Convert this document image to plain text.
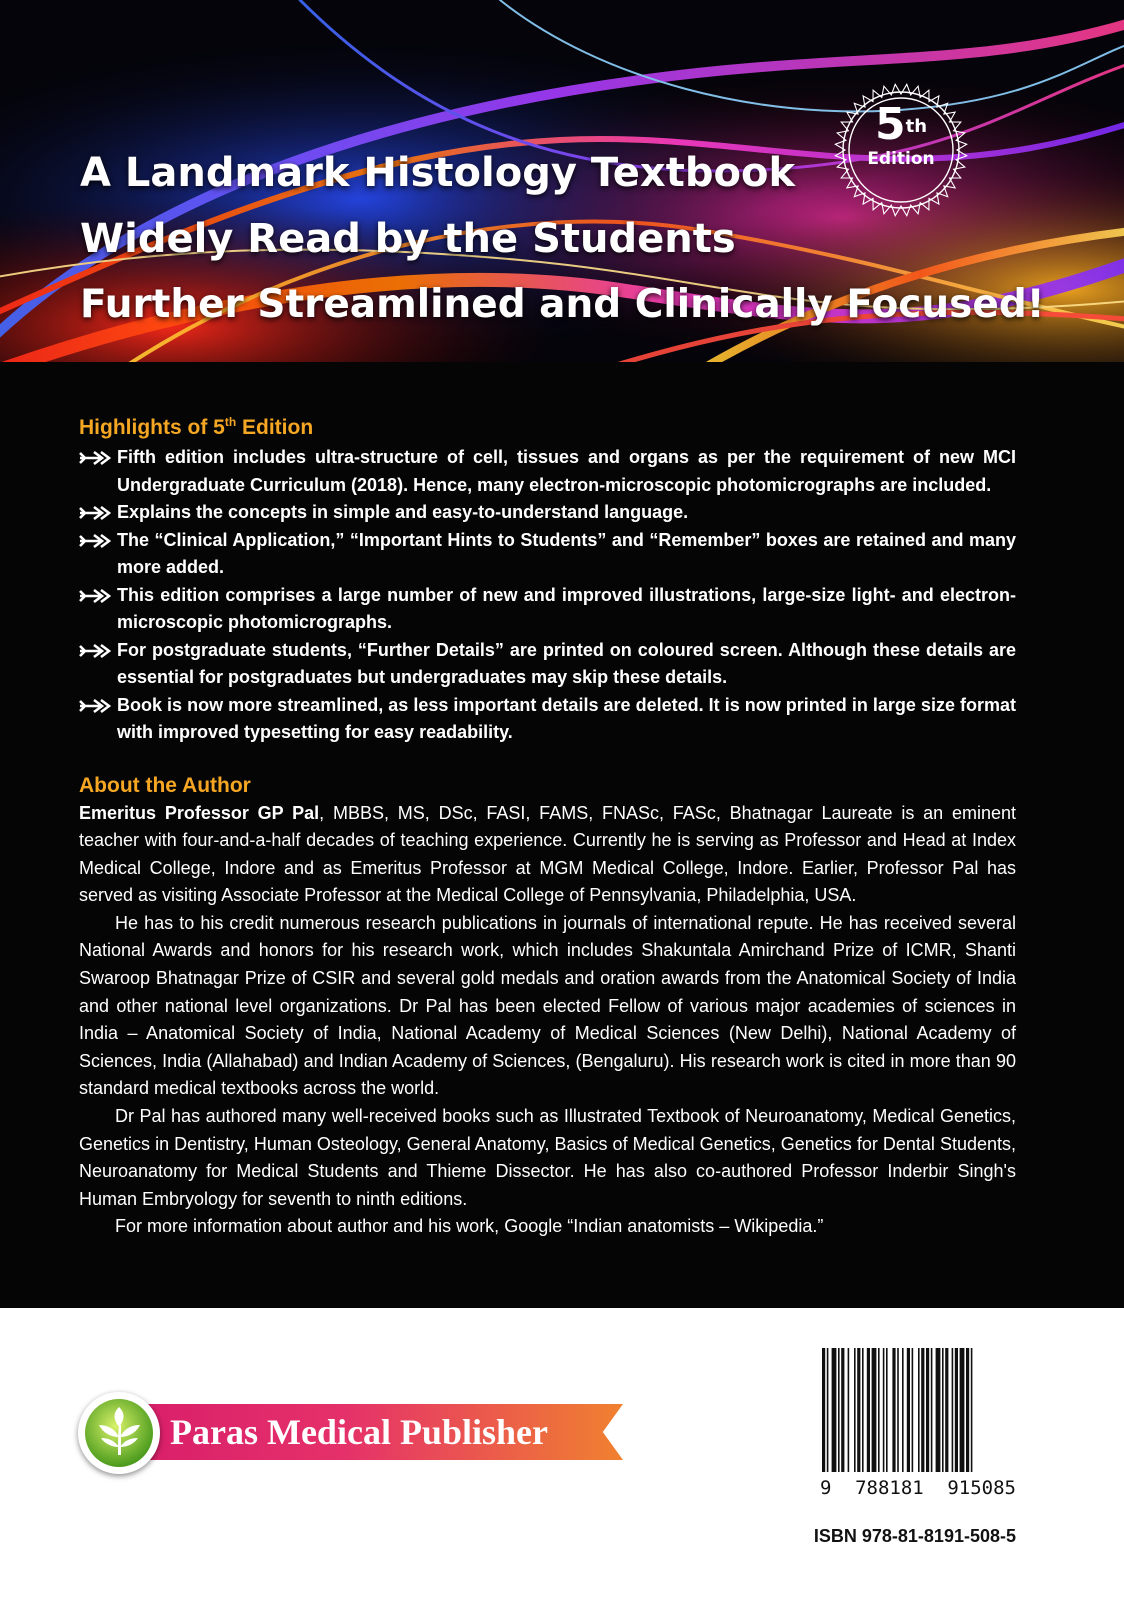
A Landmark Histology Textbook
Widely Read by the Students
Further Streamlined and Clinically Focused!
5th
Edition
Highlights of 5th Edition
Fifth edition includes ultra-structure of cell, tissues and organs as per the requirement of new MCI Undergraduate Curriculum (2018). Hence, many electron-microscopic photomicrographs are included.
Explains the concepts in simple and easy-to-understand language.
The “Clinical Application,” “Important Hints to Students” and “Remember” boxes are retained and many more added.
This edition comprises a large number of new and improved illustrations, large-size light- and electron-microscopic photomicrographs.
For postgraduate students, “Further Details” are printed on coloured screen. Although these details are essential for postgraduates but undergraduates may skip these details.
Book is now more streamlined, as less important details are deleted. It is now printed in large size format with improved typesetting for easy readability.
About the Author

Emeritus Professor GP Pal, MBBS, MS, DSc, FASI, FAMS, FNASc, FASc, Bhatnagar Laureate is an eminent teacher with four-and-a-half decades of teaching experience. Currently he is serving as Professor and Head at Index Medical College, Indore and as Emeritus Professor at MGM Medical College, Indore. Earlier, Professor Pal has served as visiting Associate Professor at the Medical College of Pennsylvania, Philadelphia, USA.

He has to his credit numerous research publications in journals of international repute. He has received several National Awards and honors for his research work, which includes Shakuntala Amirchand Prize of ICMR, Shanti Swaroop Bhatnagar Prize of CSIR and several gold medals and oration awards from the Anatomical Society of India and other national level organizations. Dr Pal has been elected Fellow of various major academies of sciences in India – Anatomical Society of India, National Academy of Medical Sciences (New Delhi), National Academy of Sciences, India (Allahabad) and Indian Academy of Sciences, (Bengaluru). His research work is cited in more than 90 standard medical textbooks across the world.

Dr Pal has authored many well-received books such as Illustrated Textbook of Neuroanatomy, Medical Genetics, Genetics in Dentistry, Human Osteology, General Anatomy, Basics of Medical Genetics, Genetics for Dental Students, Neuroanatomy for Medical Students and Thieme Dissector. He has also co-authored Professor Inderbir Singh's Human Embryology for seventh to ninth editions.

For more information about author and his work, Google “Indian anatomists – Wikipedia.”

Paras Medical Publisher
9 788181 915085
ISBN 978-81-8191-508-5
